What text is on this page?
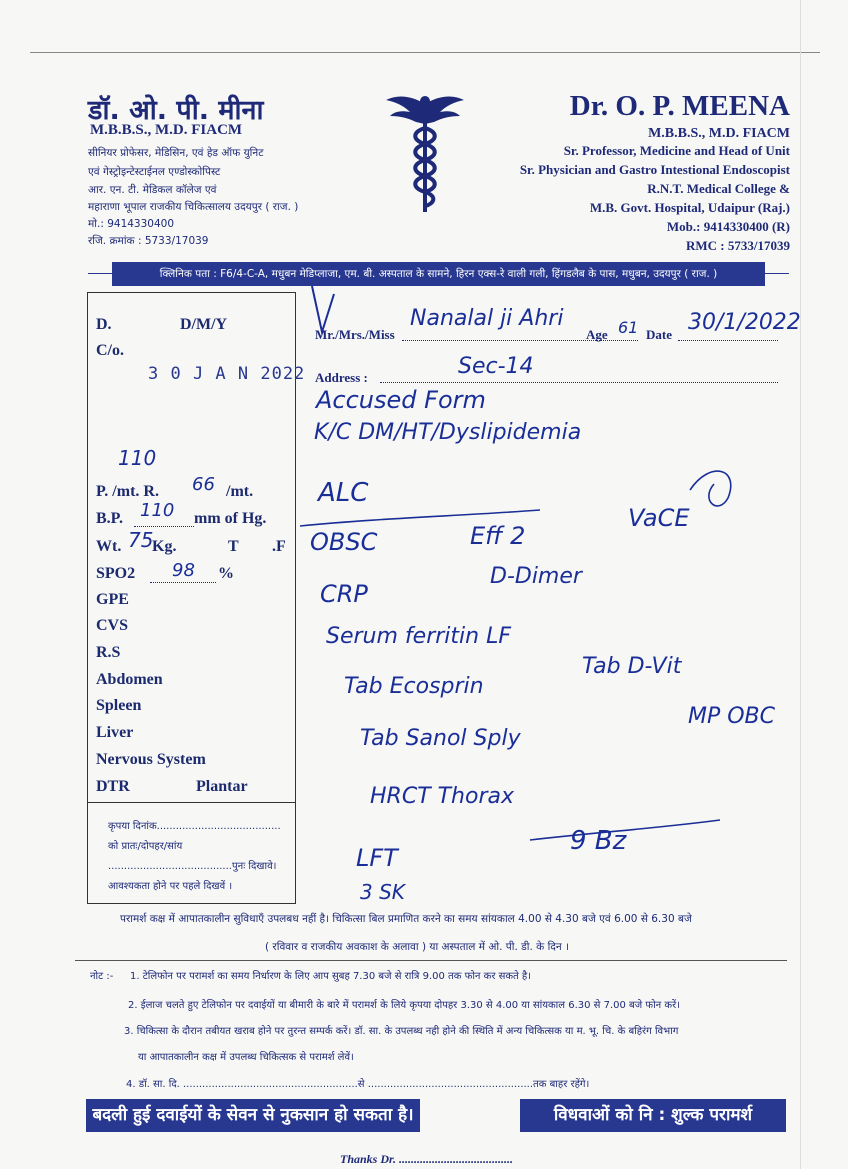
डॉ. ओ. पी. मीना
M.B.B.S., M.D. FIACM
सीनियर प्रोफेसर, मेडिसिन, एवं हेड ऑफ युनिट
एवं गेस्ट्रोइन्टेस्टाईनल एण्डोस्कोपिस्ट
आर. एन. टी. मेडिकल कॉलेज एवं
महाराणा भूपाल राजकीय चिकित्सालय उदयपुर ( राज. )
मो.: 9414330400
रजि. क्रमांक : 5733/17039
Dr. O. P. MEENA
M.B.B.S., M.D. FIACM
Sr. Professor, Medicine and Head of Unit
Sr. Physician and Gastro Intestional Endoscopist
R.N.T. Medical College &
M.B. Govt. Hospital, Udaipur (Raj.)
Mob.: 9414330400 (R)
RMC : 5733/17039
क्लिनिक पता : F6/4-C-A, मधुबन मेडिप्लाजा, एम. बी. अस्पताल के सामने, हिरन एक्स-रे वाली गली, हिंगडलैब के पास, मधुबन, उदयपुर ( राज. )
D.	D/M/Y
C/o.
3 0 J A N 2022
110
P. /mt. R. 66 /mt.
B.P. 110 mm of Hg.
Wt. 75
Kg.	T .F
SPO2 98 %
GPE
CVS
R.S
Abdomen
Spleen
Liver
Nervous System
DTR	Plantar
कृपया दिनांक.......................................
को प्रातः/दोपहर/सांय
.......................................पुनः दिखावे।
आवश्यकता होने पर पहले दिखवें ।
Mr./Mrs./Miss
Nanalal ji Ahri
Age 61 Date 30/1/2022
Address :	Sec-14
Accused Form
K/C DM/HT/Dyslipidemia
ALC
OBSC	Eff 2
VaCE
CRP
D-Dimer
Serum ferritin LF
Tab Ecosprin
Tab D-Vit
Tab Sanol Sply
MP OBC
HRCT Thorax
LFT
3 SK
9 Bz
परामर्श कक्ष में आपातकालीन सुविधाएँ उपलबध नहीं है। चिकित्सा बिल प्रमाणित करने का समय सांयकाल 4.00 से 4.30 बजे एवं 6.00 से 6.30 बजे
( रविवार व राजकीय अवकाश के अलावा ) या अस्पताल में ओ. पी. डी. के दिन ।
नोट :- 1. टेलिफोन पर परामर्श का समय निर्धारण के लिए आप सुबह 7.30 बजे से रात्रि 9.00 तक फोन कर सकते है।
2. ईलाज चलते हुए टेलिफोन पर दवाईयों या बीमारी के बारे में परामर्श के लिये कृपया दोपहर 3.30 से 4.00 या सांयकाल 6.30 से 7.00 बजे फोन करें।
3. चिकित्सा के दौरान तबीयत खराब होने पर तुरन्त सम्पर्क करें। डॉ. सा. के उपलब्ध नही होने की स्थिति में अन्य चिकित्सक या म. भू. चि. के बहिरंग विभाग
या आपातकालीन कक्ष में उपलब्ध चिकित्सक से परामर्श लेवें।
4. डॉ. सा. दि. .......................................................से ....................................................तक बाहर रहेंगे।
बदली हुई दवाईयों के सेवन से नुकसान हो सकता है।	विधवाओं को नि : शुल्क परामर्श
Thanks Dr. ......................................
